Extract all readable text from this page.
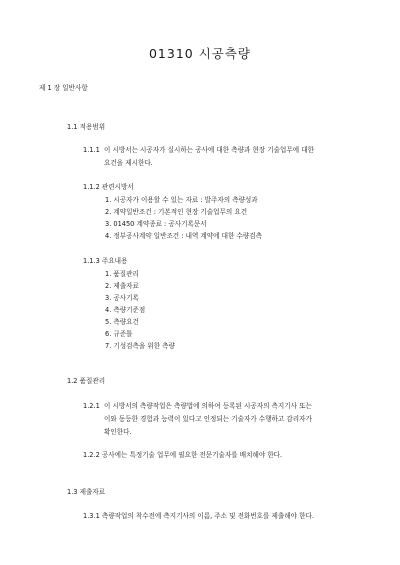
01310 시공측량
제 1 장 일반사항
1.1 적용범위
1.1.1 이 시방서는 시공자가 실시하는 공사에 대한 측량과 현장 기술업무에 대한
요건을 제시한다.
1.1.2 관련시방서
1. 시공자가 이용할 수 있는 자료 : 발주자의 측량성과
2. 계약일반조건 : 기본적인 현장 기술업무의 요건
3. 01450 계약종료 : 공사기록문서
4. 정부공사계약 일반조건 : 내역 계약에 대한 수량검측
1.1.3 주요내용
1. 품질관리
2. 제출자료
3. 공사기록
4. 측량기준점
5. 측량요건
6. 규준틀
7. 기성검측을 위한 측량
1.2 품질관리
1.2.1 이 시방서의 측량작업은 측량법에 의하여 등록된 시공자의 측지기사 또는
이와 동등한 경험과 능력이 있다고 인정되는 기술자가 수행하고 감리자가
확인한다.
1.2.2 공사에는 특정기술 업무에 필요한 전문기술자를 배치해야 한다.
1.3 제출자료
1.3.1 측량작업의 착수전에 측지기사의 이름, 주소 및 전화번호를 제출해야 한다.
